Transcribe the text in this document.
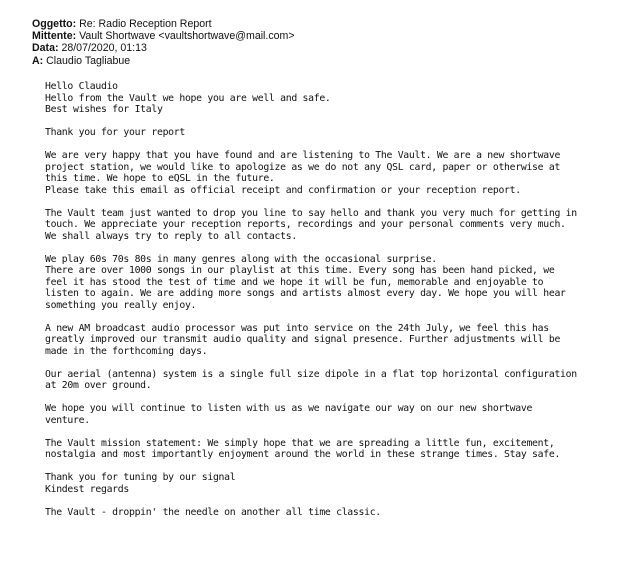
Oggetto: Re: Radio Reception Report
Mittente: Vault Shortwave <vaultshortwave@mail.com>
Data: 28/07/2020, 01:13
A: Claudio Tagliabue
Hello Claudio
Hello from the Vault we hope you are well and safe.
Best wishes for Italy
Thank you for your report
We are very happy that you have found and are listening to The Vault. We are a new shortwave
project station, we would like to apologize as we do not any QSL card, paper or otherwise at
this time. We hope to eQSL in the future.
Please take this email as official receipt and confirmation or your reception report.
The Vault team just wanted to drop you line to say hello and thank you very much for getting in
touch. We appreciate your reception reports, recordings and your personal comments very much.
We shall always try to reply to all contacts.
We play 60s 70s 80s in many genres along with the occasional surprise.
There are over 1000 songs in our playlist at this time. Every song has been hand picked, we
feel it has stood the test of time and we hope it will be fun, memorable and enjoyable to
listen to again. We are adding more songs and artists almost every day. We hope you will hear
something you really enjoy.
A new AM broadcast audio processor was put into service on the 24th July, we feel this has
greatly improved our transmit audio quality and signal presence. Further adjustments will be
made in the forthcoming days.
Our aerial (antenna) system is a single full size dipole in a flat top horizontal configuration
at 20m over ground.
We hope you will continue to listen with us as we navigate our way on our new shortwave
venture.
The Vault mission statement: We simply hope that we are spreading a little fun, excitement,
nostalgia and most importantly enjoyment around the world in these strange times. Stay safe.
Thank you for tuning by our signal
Kindest regards
The Vault - droppin' the needle on another all time classic.
